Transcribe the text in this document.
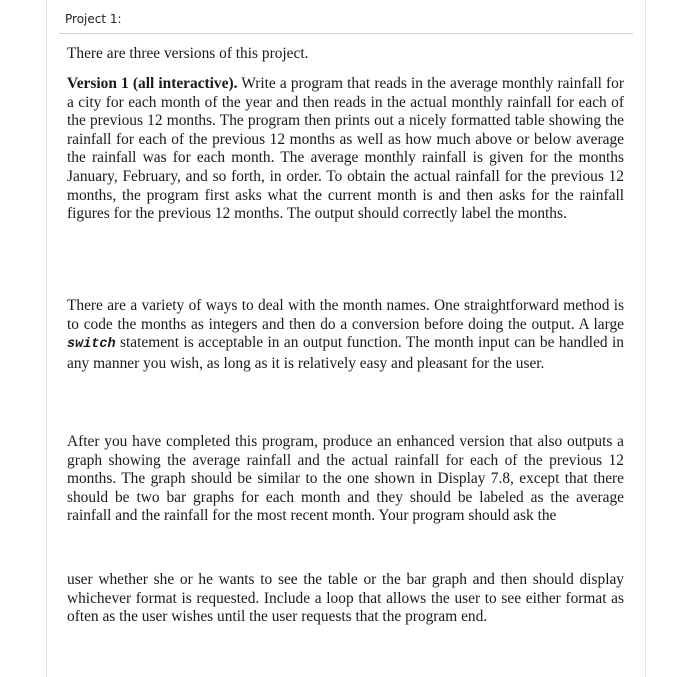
Project 1:

There are three versions of this project.

Version 1 (all interactive). Write a program that reads in the average monthly rainfall for a city for each month of the year and then reads in the actual monthly rainfall for each of the previous 12 months. The program then prints out a nicely formatted table showing the rainfall for each of the previous 12 months as well as how much above or below average the rainfall was for each month. The average monthly rainfall is given for the months January, February, and so forth, in order. To obtain the actual rainfall for the previous 12 months, the program first asks what the current month is and then asks for the rainfall figures for the previous 12 months. The output should correctly label the months.

There are a variety of ways to deal with the month names. One straightforward method is to code the months as integers and then do a conversion before doing the output. A large switch statement is acceptable in an output function. The month input can be handled in any manner you wish, as long as it is relatively easy and pleasant for the user.

After you have completed this program, produce an enhanced version that also outputs a graph showing the average rainfall and the actual rainfall for each of the previous 12 months. The graph should be similar to the one shown in Display 7.8, except that there should be two bar graphs for each month and they should be labeled as the average rainfall and the rainfall for the most recent month. Your program should ask the

user whether she or he wants to see the table or the bar graph and then should display whichever format is requested. Include a loop that allows the user to see either format as often as the user wishes until the user requests that the program end.
